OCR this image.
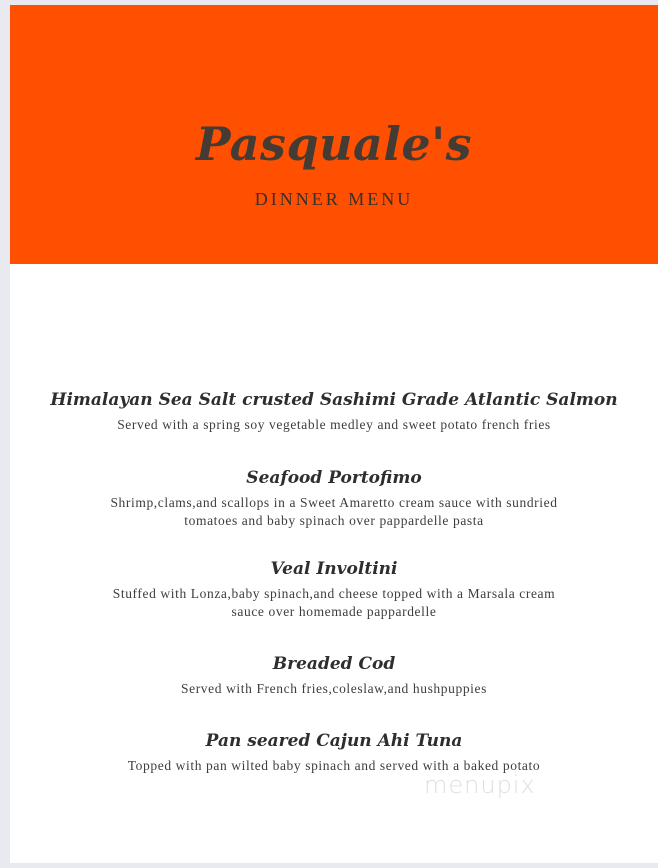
Pasquale's
DINNER MENU
Himalayan Sea Salt crusted Sashimi Grade Atlantic Salmon
Served with a spring soy vegetable medley and sweet potato french fries
Seafood Portofimo
Shrimp,clams,and scallops in a Sweet Amaretto cream sauce with sundried
tomatoes and baby spinach over pappardelle pasta
Veal Involtini
Stuffed with Lonza,baby spinach,and cheese topped with a Marsala cream
sauce over homemade pappardelle
Breaded Cod
Served with French fries,coleslaw,and hushpuppies
Pan seared Cajun Ahi Tuna
Topped with pan wilted baby spinach and served with a baked potato
menupix
